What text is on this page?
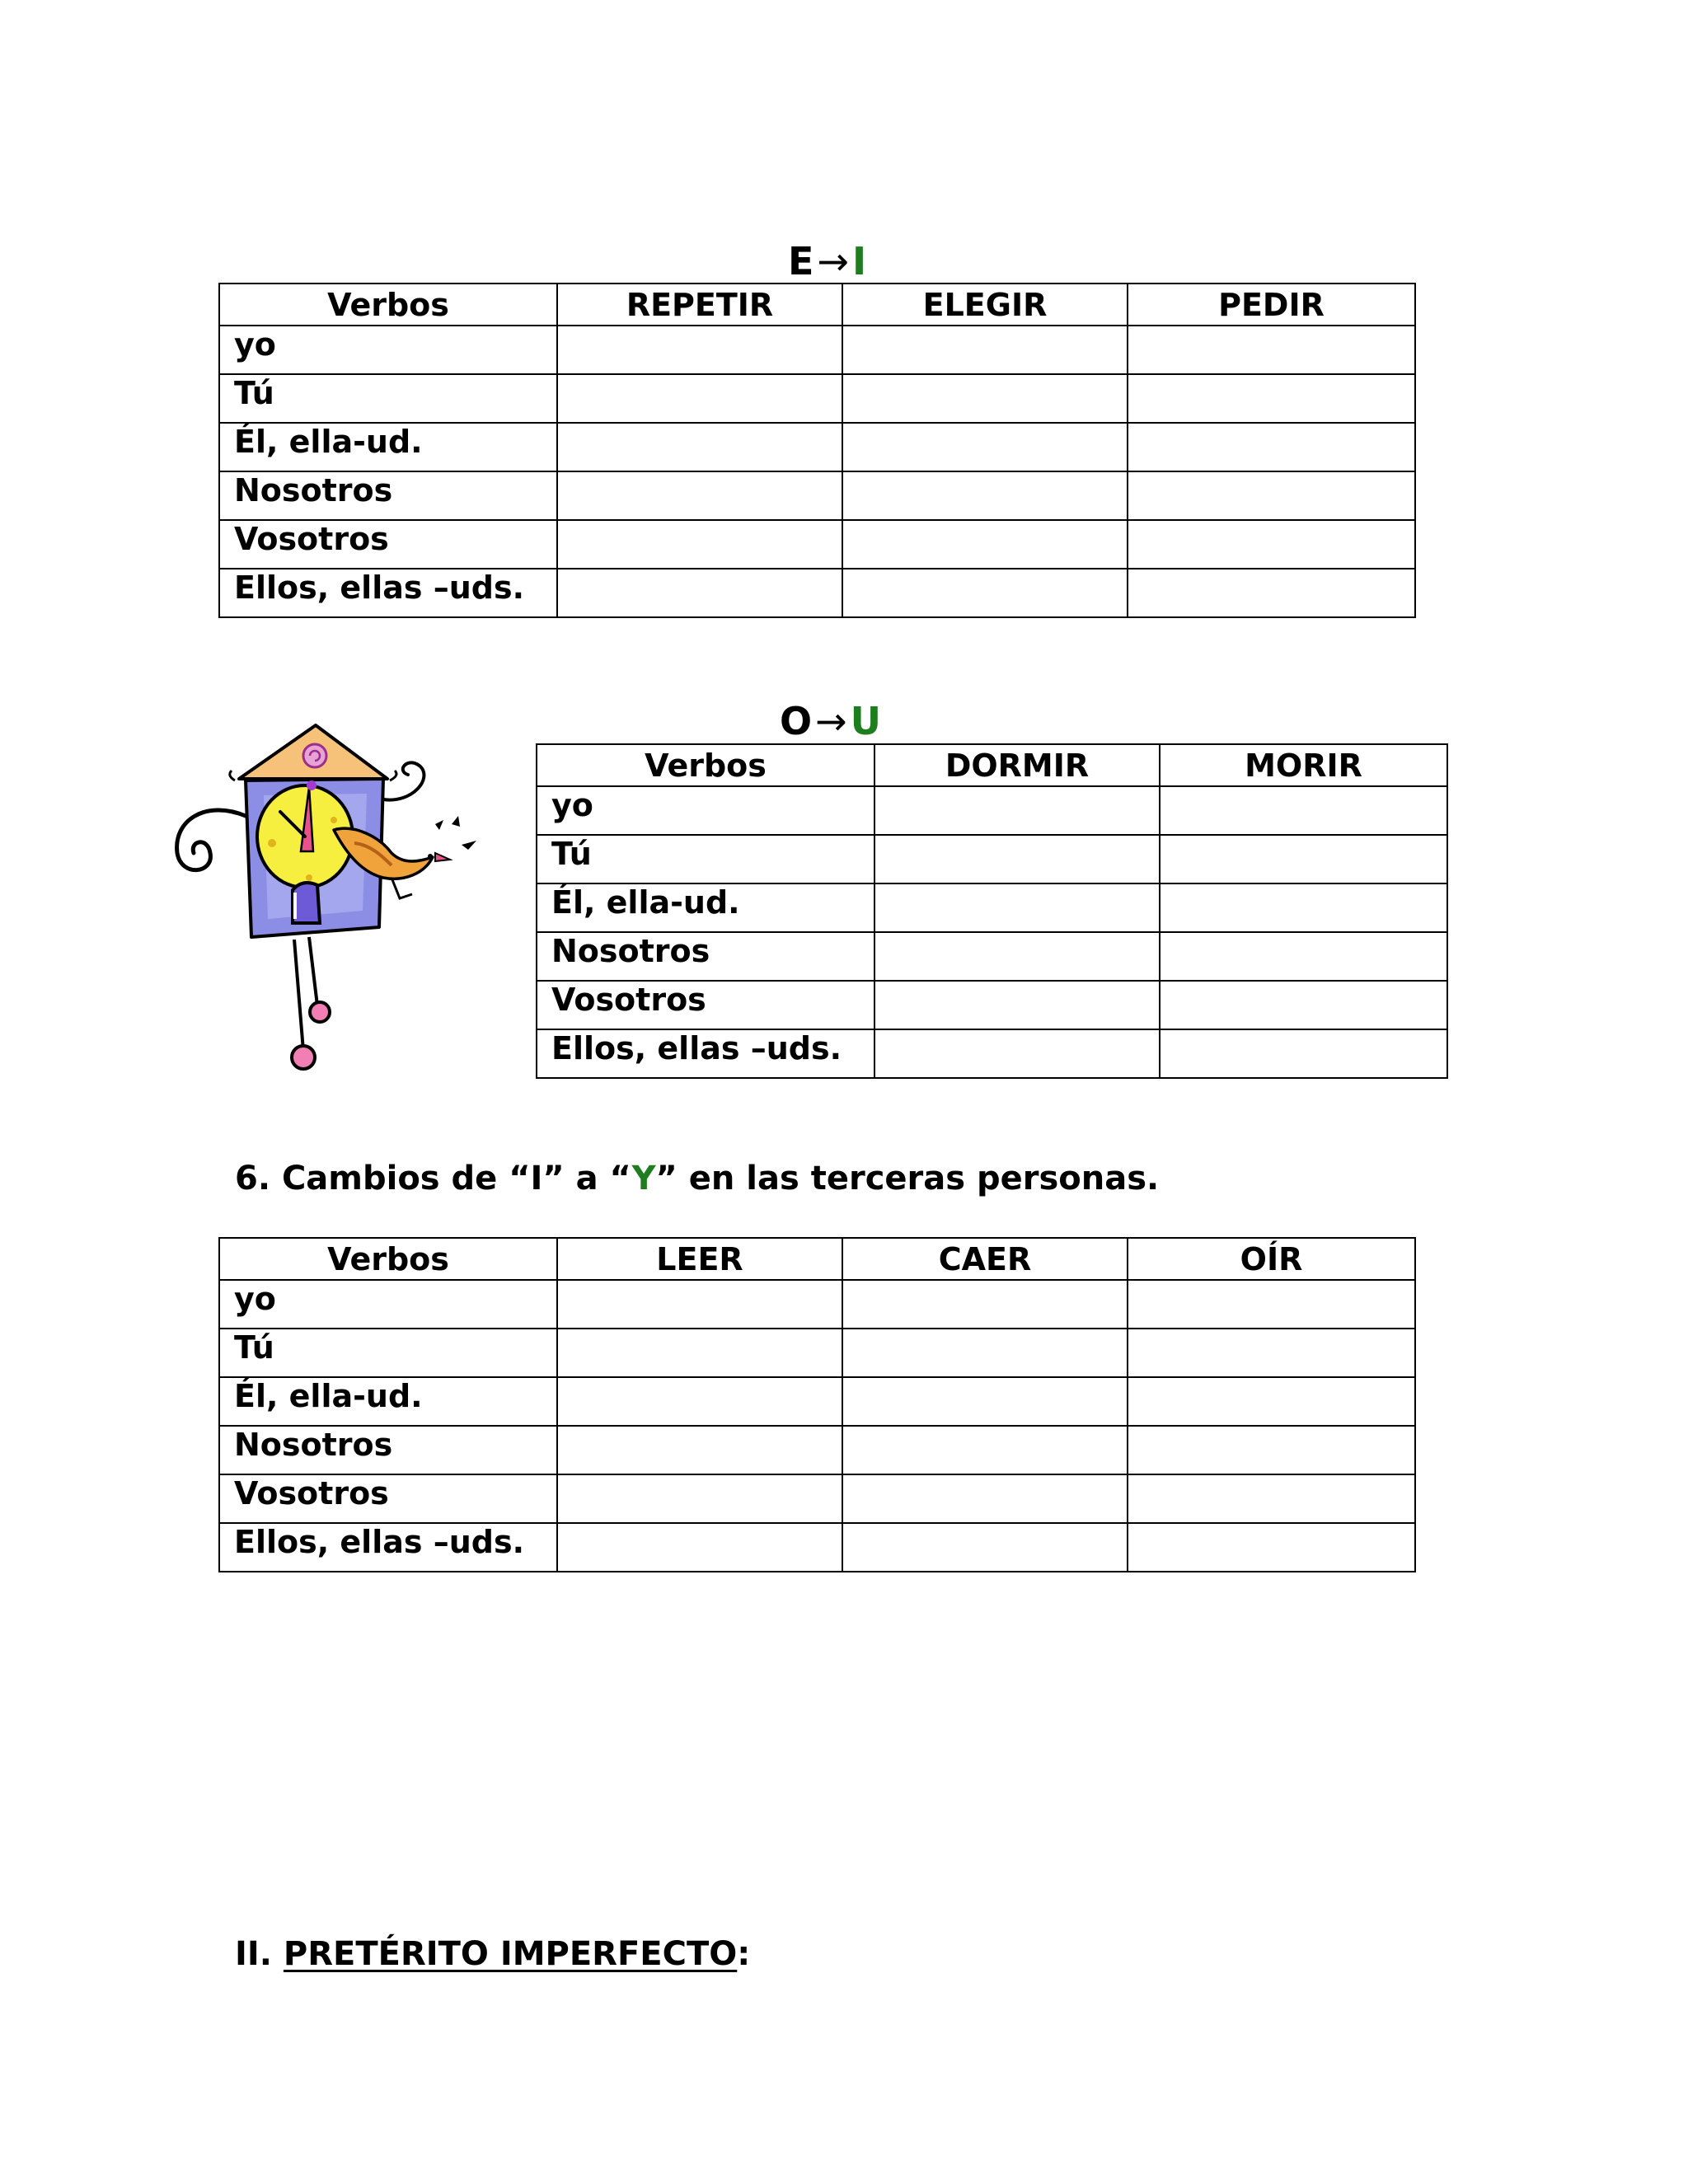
E→I
Verbos	REPETIR	ELEGIR	PEDIR
yo			
Tú			
Él, ella-ud.			
Nosotros			
Vosotros			
Ellos, ellas –uds.			
O→U
Verbos	DORMIR	MORIR
yo		
Tú		
Él, ella-ud.		
Nosotros		
Vosotros		
Ellos, ellas –uds.		
6. Cambios de “I” a “Y” en las terceras personas.
Verbos	LEER	CAER	OÍR
yo			
Tú			
Él, ella-ud.			
Nosotros			
Vosotros			
Ellos, ellas –uds.			
II. PRETÉRITO IMPERFECTO:
